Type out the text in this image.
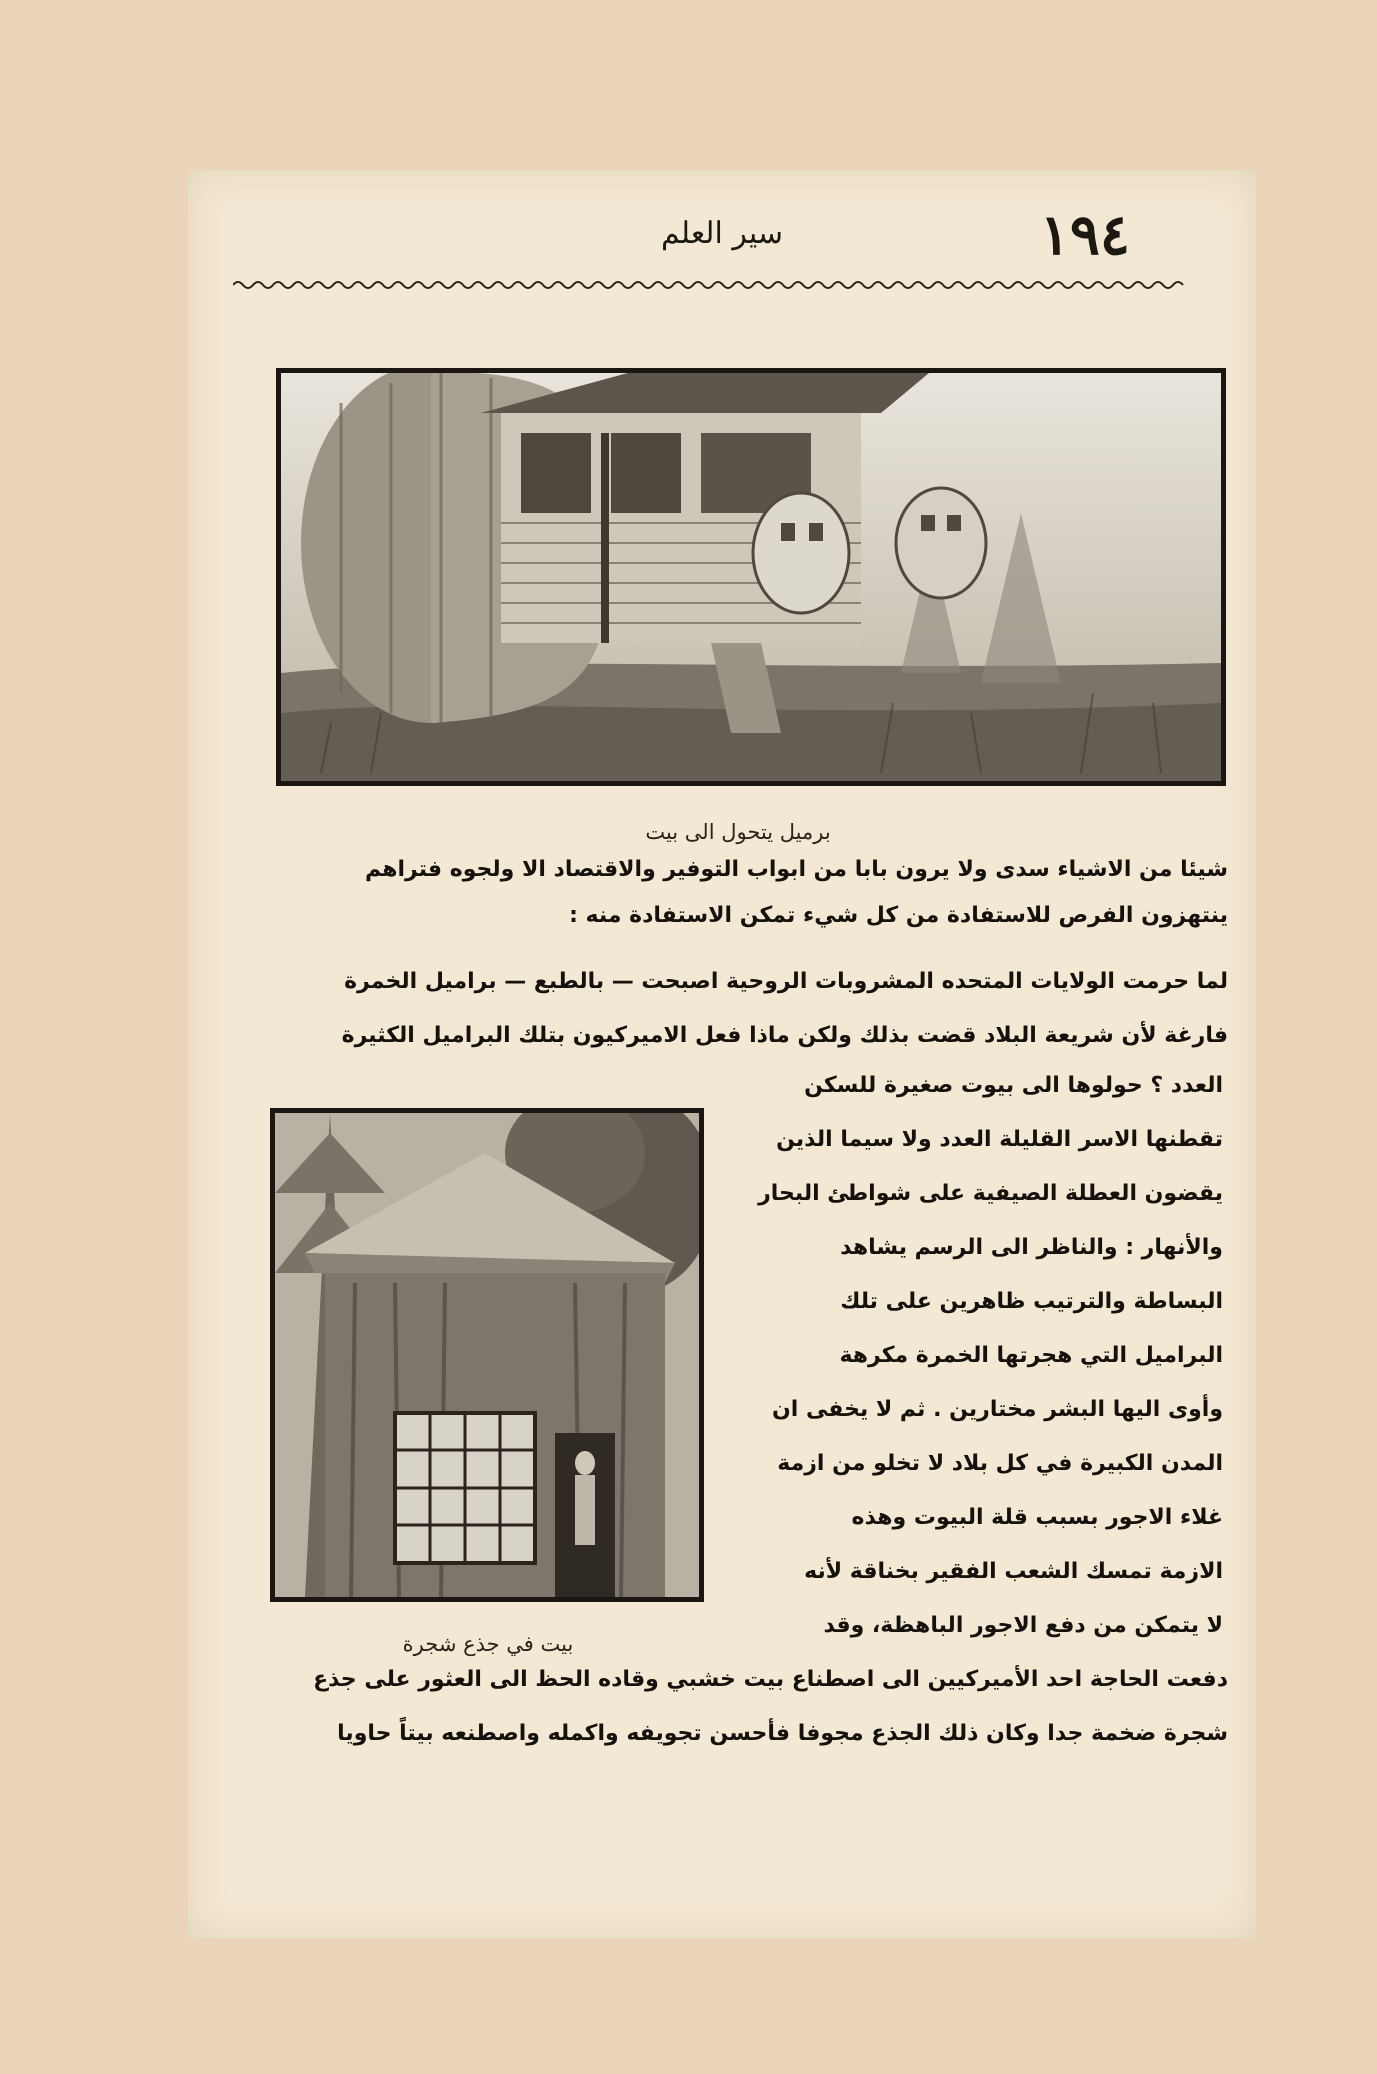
١٩٤
سير العلم
برميل يتحول الى بيت
بيت في جذع شجرة
شيئا من الاشياء سدى ولا يرون بابا من ابواب التوفير والاقتصاد الا ولجوه فتراهم
ينتهزون الفرص للاستفادة من كل شيء تمكن الاستفادة منه :
لما حرمت الولايات المتحده المشروبات الروحية اصبحت — بالطبع — براميل الخمرة
فارغة لأن شريعة البلاد قضت بذلك ولكن ماذا فعل الاميركيون بتلك البراميل الكثيرة
العدد ؟ حولوها الى بيوت صغيرة للسكن
تقطنها الاسر القليلة العدد ولا سيما الذين
يقضون العطلة الصيفية على شواطئ البحار
والأنهار : والناظر الى الرسم يشاهد
البساطة والترتيب ظاهرين على تلك
البراميل التي هجرتها الخمرة مكرهة
وأوى اليها البشر مختارين . ثم لا يخفى ان
المدن الكبيرة في كل بلاد لا تخلو من ازمة
غلاء الاجور بسبب قلة البيوت وهذه
الازمة تمسك الشعب الفقير بخناقة لأنه
لا يتمكن من دفع الاجور الباهظة، وقد
دفعت الحاجة احد الأميركيين الى اصطناع بيت خشبي وقاده الحظ الى العثور على جذع
شجرة ضخمة جدا وكان ذلك الجذع مجوفا فأحسن تجويفه واكمله واصطنعه بيتاً حاويا
